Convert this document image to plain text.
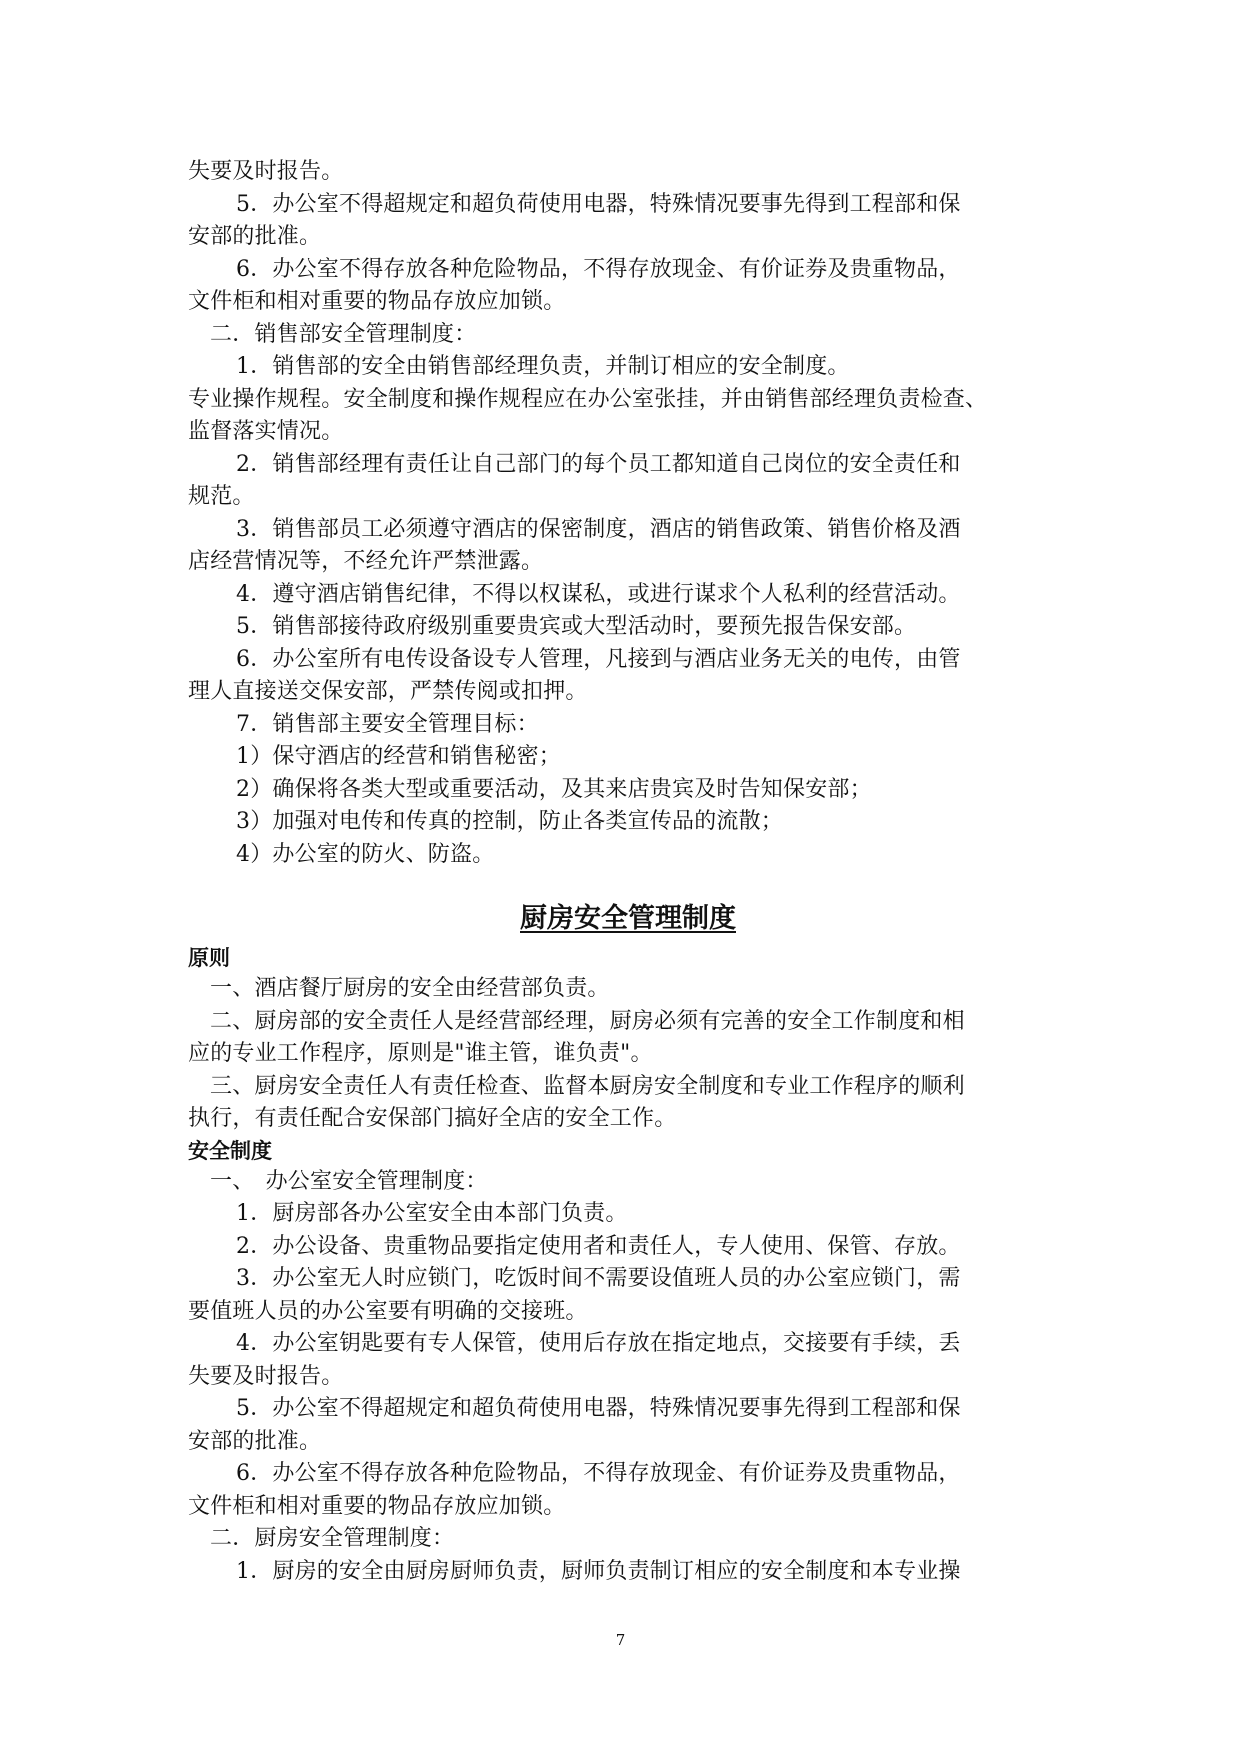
失要及时报告。
5．办公室不得超规定和超负荷使用电器，特殊情况要事先得到工程部和保
安部的批准。
6．办公室不得存放各种危险物品，不得存放现金、有价证券及贵重物品，
文件柜和相对重要的物品存放应加锁。
二．销售部安全管理制度：
1．销售部的安全由销售部经理负责，并制订相应的安全制度。
专业操作规程。安全制度和操作规程应在办公室张挂，并由销售部经理负责检查、
监督落实情况。
2．销售部经理有责任让自己部门的每个员工都知道自己岗位的安全责任和
规范。
3．销售部员工必须遵守酒店的保密制度，酒店的销售政策、销售价格及酒
店经营情况等，不经允许严禁泄露。
4．遵守酒店销售纪律，不得以权谋私，或进行谋求个人私利的经营活动。
5．销售部接待政府级别重要贵宾或大型活动时，要预先报告保安部。
6．办公室所有电传设备设专人管理，凡接到与酒店业务无关的电传，由管
理人直接送交保安部，严禁传阅或扣押。
7．销售部主要安全管理目标：
1）保守酒店的经营和销售秘密；
2）确保将各类大型或重要活动，及其来店贵宾及时告知保安部；
3）加强对电传和传真的控制，防止各类宣传品的流散；
4）办公室的防火、防盗。
厨房安全管理制度
原则
一、酒店餐厅厨房的安全由经营部负责。
二、厨房部的安全责任人是经营部经理，厨房必须有完善的安全工作制度和相
应的专业工作程序，原则是"谁主管，谁负责"。
三、厨房安全责任人有责任检查、监督本厨房安全制度和专业工作程序的顺利
执行，有责任配合安保部门搞好全店的安全工作。
安全制度
一、　办公室安全管理制度：
1．厨房部各办公室安全由本部门负责。
2．办公设备、贵重物品要指定使用者和责任人，专人使用、保管、存放。
3．办公室无人时应锁门，吃饭时间不需要设值班人员的办公室应锁门，需
要值班人员的办公室要有明确的交接班。
4．办公室钥匙要有专人保管，使用后存放在指定地点，交接要有手续，丢
失要及时报告。
5．办公室不得超规定和超负荷使用电器，特殊情况要事先得到工程部和保
安部的批准。
6．办公室不得存放各种危险物品，不得存放现金、有价证券及贵重物品，
文件柜和相对重要的物品存放应加锁。
二．厨房安全管理制度：
1．厨房的安全由厨房厨师负责，厨师负责制订相应的安全制度和本专业操
7
